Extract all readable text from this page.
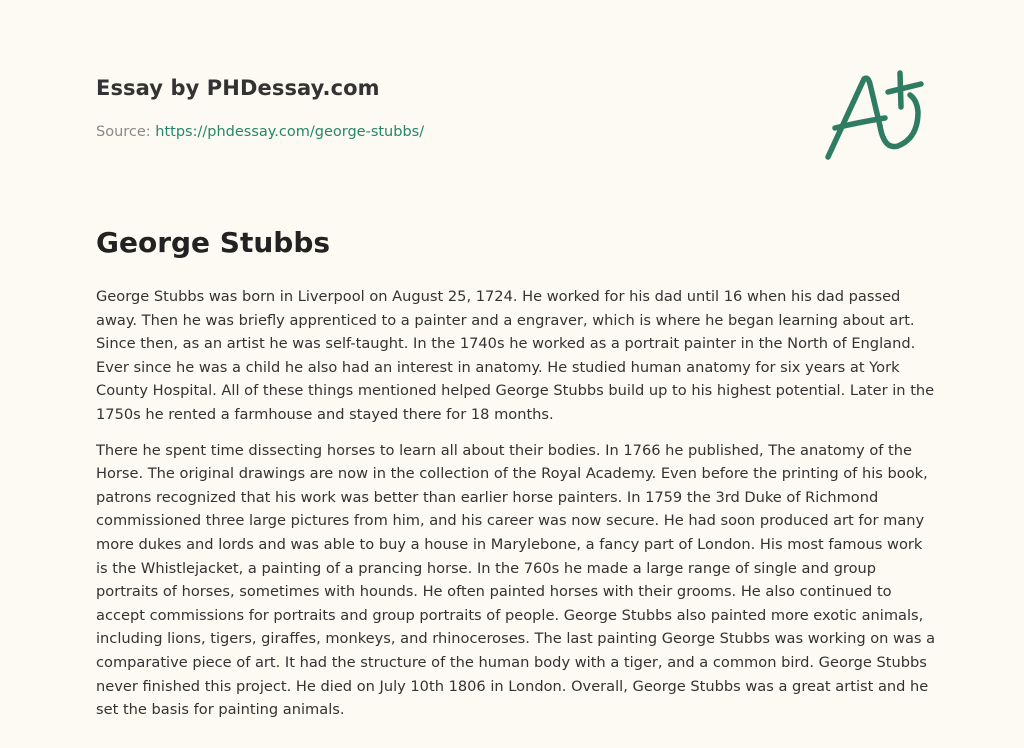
Essay by PHDessay.com
Source: https://phdessay.com/george-stubbs/
George Stubbs

George Stubbs was born in Liverpool on August 25, 1724. He worked for his dad until 16 when his dad passed away. Then he was briefly apprenticed to a painter and a engraver, which is where he began learning about art. Since then, as an artist he was self-taught. In the 1740s he worked as a portrait painter in the North of England. Ever since he was a child he also had an interest in anatomy. He studied human anatomy for six years at York County Hospital. All of these things mentioned helped George Stubbs build up to his highest potential. Later in the 1750s he rented a farmhouse and stayed there for 18 months.

There he spent time dissecting horses to learn all about their bodies. In 1766 he published, The anatomy of the Horse. The original drawings are now in the collection of the Royal Academy. Even before the printing of his book, patrons recognized that his work was better than earlier horse painters. In 1759 the 3rd Duke of Richmond commissioned three large pictures from him, and his career was now secure. He had soon produced art for many more dukes and lords and was able to buy a house in Marylebone, a fancy part of London. His most famous work is the Whistlejacket, a painting of a prancing horse. In the 760s he made a large range of single and group portraits of horses, sometimes with hounds. He often painted horses with their grooms. He also continued to accept commissions for portraits and group portraits of people. George Stubbs also painted more exotic animals, including lions, tigers, giraffes, monkeys, and rhinoceroses. The last painting George Stubbs was working on was a comparative piece of art. It had the structure of the human body with a tiger, and a common bird. George Stubbs never finished this project. He died on July 10th 1806 in London. Overall, George Stubbs was a great artist and he set the basis for painting animals.
